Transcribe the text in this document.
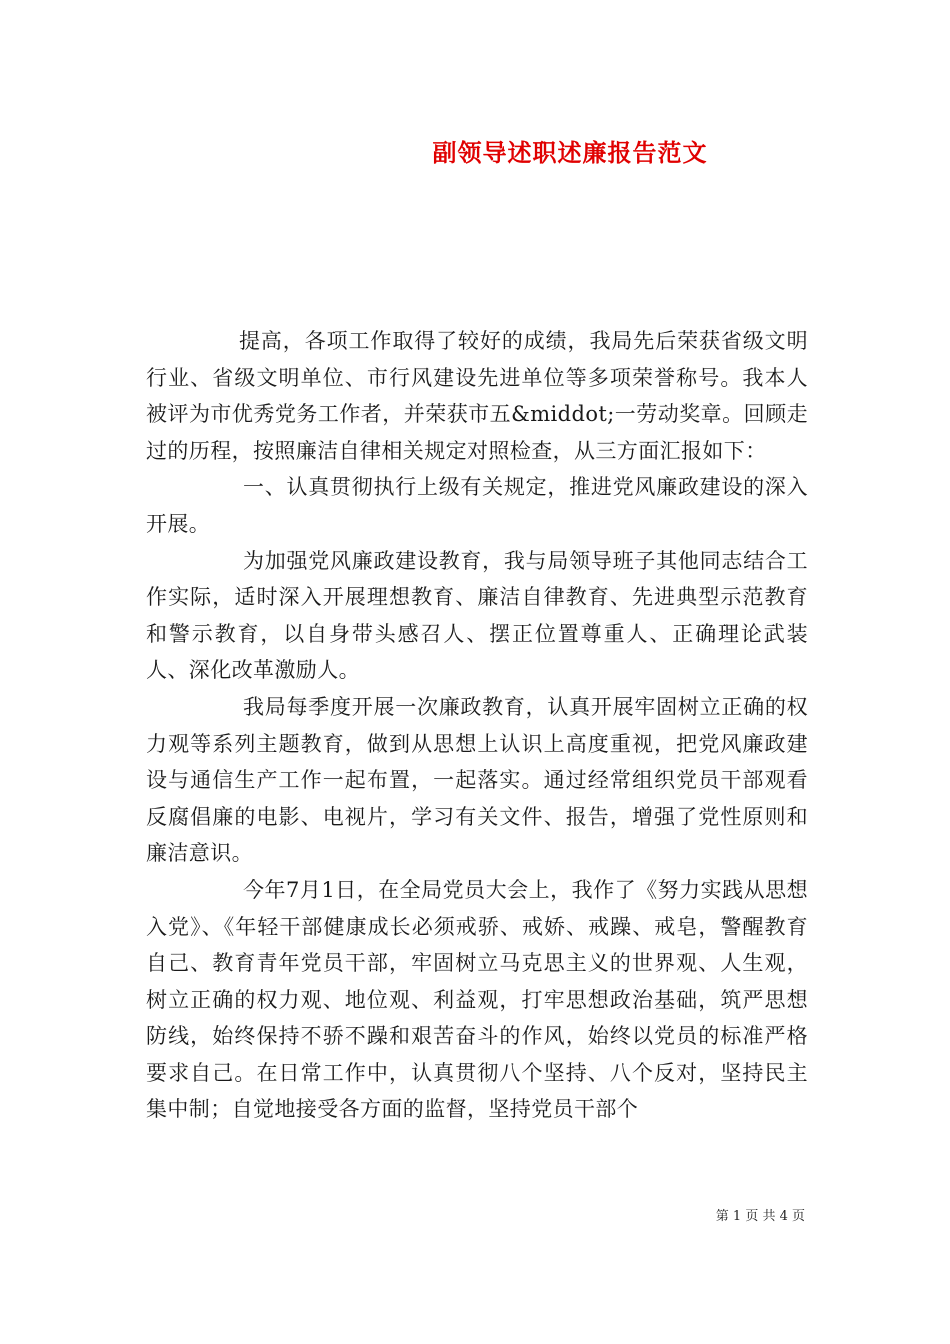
副领导述职述廉报告范文

提高，各项工作取得了较好的成绩，我局先后荣获省级文明行业、省级文明单位、市行风建设先进单位等多项荣誉称号。我本人被评为市优秀党务工作者，并荣获市五&middot;一劳动奖章。回顾走过的历程，按照廉洁自律相关规定对照检查，从三方面汇报如下：

一、认真贯彻执行上级有关规定，推进党风廉政建设的深入开展。

为加强党风廉政建设教育，我与局领导班子其他同志结合工作实际，适时深入开展理想教育、廉洁自律教育、先进典型示范教育和警示教育，以自身带头感召人、摆正位置尊重人、正确理论武装人、深化改革激励人。

我局每季度开展一次廉政教育，认真开展牢固树立正确的权力观等系列主题教育，做到从思想上认识上高度重视，把党风廉政建设与通信生产工作一起布置，一起落实。通过经常组织党员干部观看反腐倡廉的电影、电视片，学习有关文件、报告，增强了党性原则和廉洁意识。

今年7月1日，在全局党员大会上，我作了《努力实践从思想入党》、《年轻干部健康成长必须戒骄、戒娇、戒躁、戒皂，警醒教育自己、教育青年党员干部，牢固树立马克思主义的世界观、人生观，树立正确的权力观、地位观、利益观，打牢思想政治基础，筑严思想防线，始终保持不骄不躁和艰苦奋斗的作风，始终以党员的标准严格要求自己。在日常工作中，认真贯彻八个坚持、八个反对，坚持民主集中制；自觉地接受各方面的监督，坚持党员干部个

第 1 页 共 4 页
